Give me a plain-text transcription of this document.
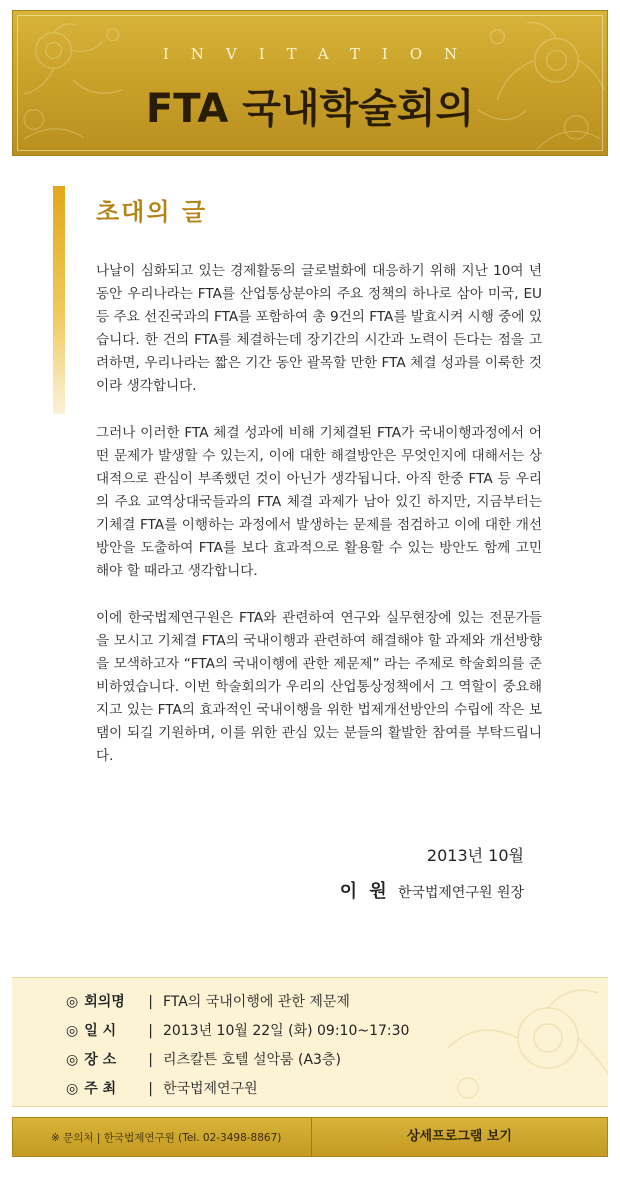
INVITATION
FTA 국내학술회의
초대의 글

나날이 심화되고 있는 경제활동의 글로벌화에 대응하기 위해 지난 10여 년 동안 우리나라는 FTA를 산업통상분야의 주요 정책의 하나로 삼아 미국, EU 등 주요 선진국과의 FTA를 포함하여 총 9건의 FTA를 발효시켜 시행 중에 있습니다. 한 건의 FTA를 체결하는데 장기간의 시간과 노력이 든다는 점을 고려하면, 우리나라는 짧은 기간 동안 괄목할 만한 FTA 체결 성과를 이룩한 것이라 생각합니다.

그러나 이러한 FTA 체결 성과에 비해 기체결된 FTA가 국내이행과정에서 어떤 문제가 발생할 수 있는지, 이에 대한 해결방안은 무엇인지에 대해서는 상대적으로 관심이 부족했던 것이 아닌가 생각됩니다. 아직 한중 FTA 등 우리의 주요 교역상대국들과의 FTA 체결 과제가 남아 있긴 하지만, 지금부터는 기체결 FTA를 이행하는 과정에서 발생하는 문제를 점검하고 이에 대한 개선방안을 도출하여 FTA를 보다 효과적으로 활용할 수 있는 방안도 함께 고민해야 할 때라고 생각합니다.

이에 한국법제연구원은 FTA와 관련하여 연구와 실무현장에 있는 전문가들을 모시고 기체결 FTA의 국내이행과 관련하여 해결해야 할 과제와 개선방향을 모색하고자 “FTA의 국내이행에 관한 제문제” 라는 주제로 학술회의를 준비하였습니다. 이번 학술회의가 우리의 산업통상정책에서 그 역할이 중요해지고 있는 FTA의 효과적인 국내이행을 위한 법제개선방안의 수립에 작은 보탬이 되길 기원하며, 이를 위한 관심 있는 분들의 활발한 참여를 부탁드립니다.

2013년 10월
이 원 한국법제연구원 원장
◎ 회의명 | FTA의 국내이행에 관한 제문제
◎ 일 시 | 2013년 10월 22일 (화) 09:10~17:30
◎ 장 소 | 리츠칼튼 호텔 설악룸 (A3층)
◎ 주 최 | 한국법제연구원
※ 문의처 | 한국법제연구원 (Tel. 02-3498-8867)	상세프로그램 보기
